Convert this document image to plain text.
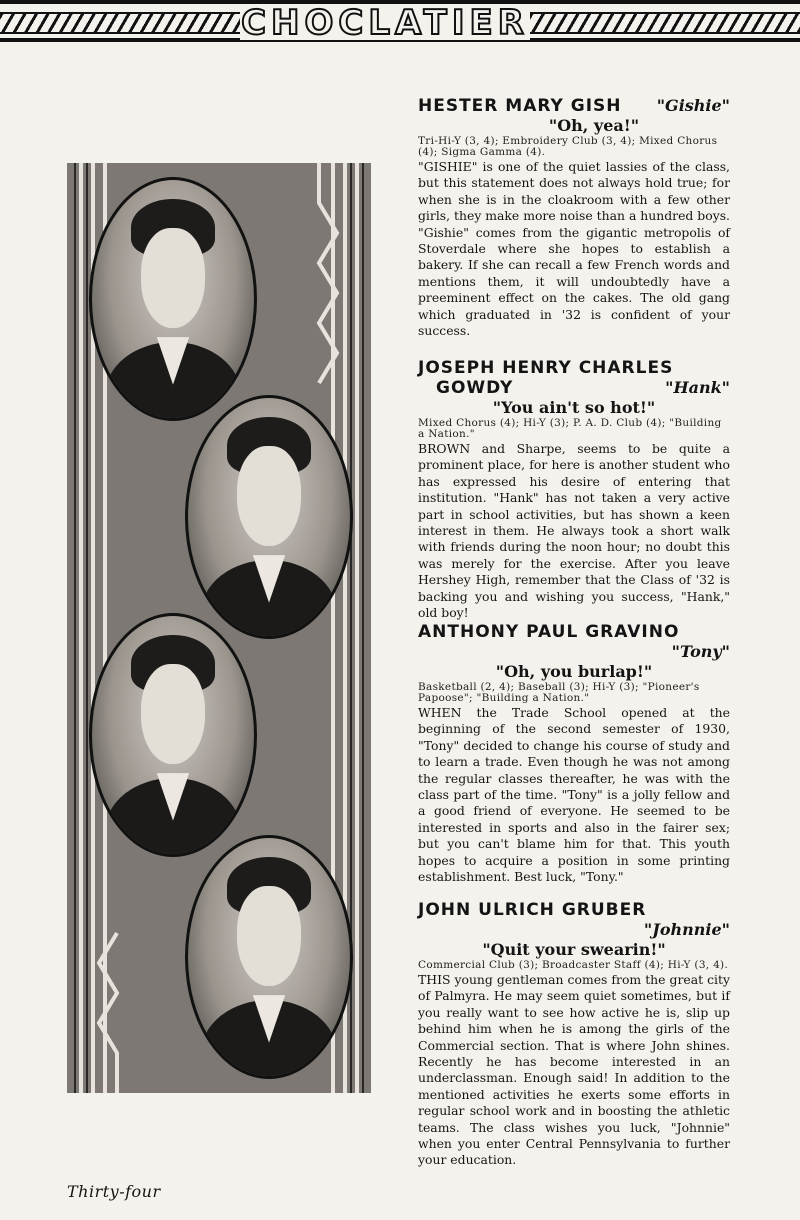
CHOCLATIER

HESTER MARY GISH	"Gishie"
"Oh, yea!"
Tri-Hi-Y (3, 4); Embroidery Club (3, 4); Mixed Chorus (4); Sigma Gamma (4).
"GISHIE" is one of the quiet lassies of the class, but this statement does not always hold true; for when she is in the cloakroom with a few other girls, they make more noise than a hundred boys. "Gishie" comes from the gigantic metropolis of Stoverdale where she hopes to establish a bakery. If she can recall a few French words and mentions them, it will undoubtedly have a preeminent effect on the cakes. The old gang which graduated in '32 is confident of your success.

JOSEPH HENRY CHARLES

GOWDY	"Hank"
"You ain't so hot!"
Mixed Chorus (4); Hi-Y (3); P. A. D. Club (4); "Building a Nation."
BROWN and Sharpe, seems to be quite a prominent place, for here is another student who has expressed his desire of entering that institution. "Hank" has not taken a very active part in school activities, but has shown a keen interest in them. He always took a short walk with friends during the noon hour; no doubt this was merely for the exercise. After you leave Hershey High, remember that the Class of '32 is backing you and wishing you success, "Hank," old boy!

ANTHONY PAUL GRAVINO

"Tony"
"Oh, you burlap!"
Basketball (2, 4); Baseball (3); Hi-Y (3); "Pioneer's Papoose"; "Building a Nation."
WHEN the Trade School opened at the beginning of the second semester of 1930, "Tony" decided to change his course of study and to learn a trade. Even though he was not among the regular classes thereafter, he was with the class part of the time. "Tony" is a jolly fellow and a good friend of everyone. He seemed to be interested in sports and also in the fairer sex; but you can't blame him for that. This youth hopes to acquire a position in some printing establishment. Best luck, "Tony."

JOHN ULRICH GRUBER

"Johnnie"
"Quit your swearin!"
Commercial Club (3); Broadcaster Staff (4); Hi-Y (3, 4).
THIS young gentleman comes from the great city of Palmyra. He may seem quiet sometimes, but if you really want to see how active he is, slip up behind him when he is among the girls of the Commercial section. That is where John shines. Recently he has become interested in an underclassman. Enough said! In addition to the mentioned activities he exerts some efforts in regular school work and in boosting the athletic teams. The class wishes you luck, "Johnnie" when you enter Central Pennsylvania to further your education.
Thirty-four
